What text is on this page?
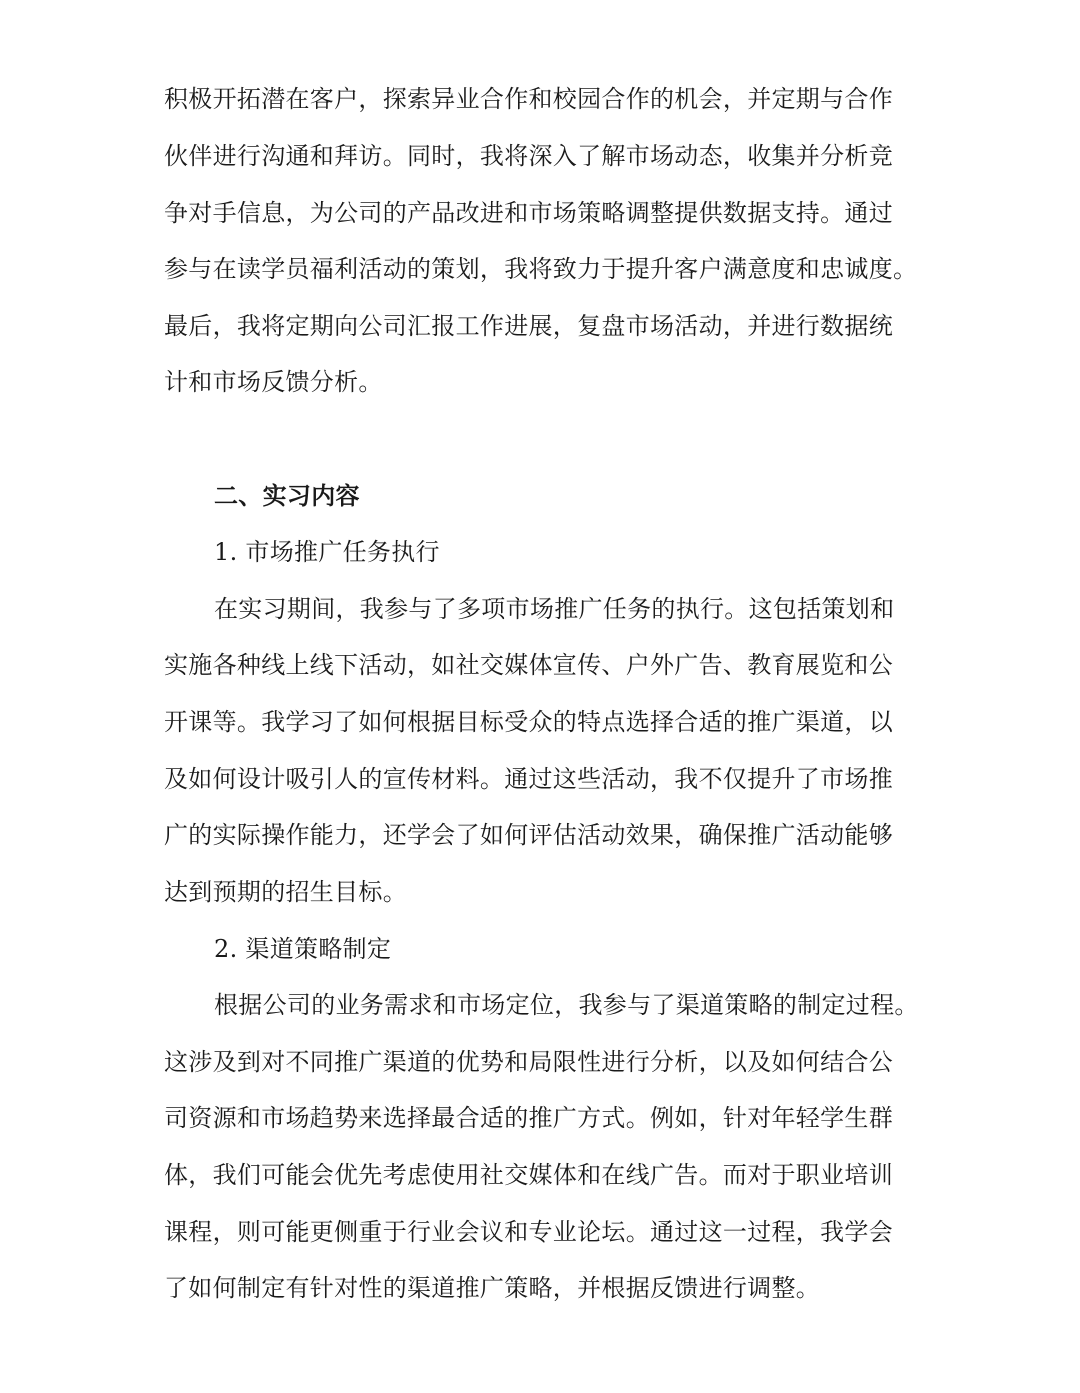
积极开拓潜在客户，探索异业合作和校园合作的机会，并定期与合作
伙伴进行沟通和拜访。同时，我将深入了解市场动态，收集并分析竞
争对手信息，为公司的产品改进和市场策略调整提供数据支持。通过
参与在读学员福利活动的策划，我将致力于提升客户满意度和忠诚度。
最后，我将定期向公司汇报工作进展，复盘市场活动，并进行数据统
计和市场反馈分析。
二、实习内容
1. 市场推广任务执行
在实习期间，我参与了多项市场推广任务的执行。这包括策划和
实施各种线上线下活动，如社交媒体宣传、户外广告、教育展览和公
开课等。我学习了如何根据目标受众的特点选择合适的推广渠道，以
及如何设计吸引人的宣传材料。通过这些活动，我不仅提升了市场推
广的实际操作能力，还学会了如何评估活动效果，确保推广活动能够
达到预期的招生目标。
2. 渠道策略制定
根据公司的业务需求和市场定位，我参与了渠道策略的制定过程。
这涉及到对不同推广渠道的优势和局限性进行分析，以及如何结合公
司资源和市场趋势来选择最合适的推广方式。例如，针对年轻学生群
体，我们可能会优先考虑使用社交媒体和在线广告。而对于职业培训
课程，则可能更侧重于行业会议和专业论坛。通过这一过程，我学会
了如何制定有针对性的渠道推广策略，并根据反馈进行调整。
